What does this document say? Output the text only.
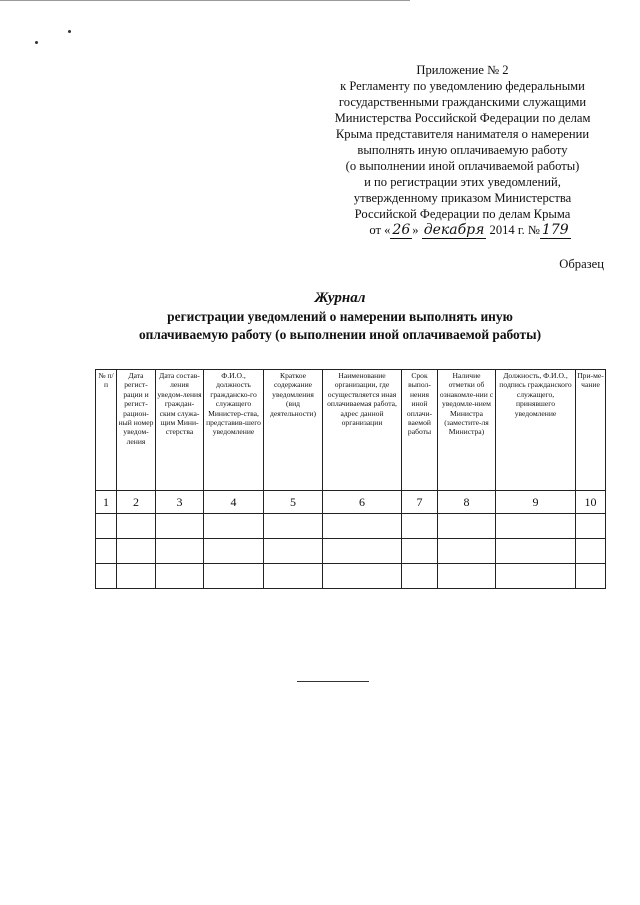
Приложение № 2
к Регламенту по уведомлению федеральными
государственными гражданскими служащими
Министерства Российской Федерации по делам
Крыма представителя нанимателя о намерении
выполнять иную оплачиваемую работу
(о выполнении иной оплачиваемой работы)
и по регистрации этих уведомлений,
утвержденному приказом Министерства
Российской Федерации по делам Крыма
от « 26 » декабря 2014 г. № 179
Образец
Журнал
регистрации уведомлений о намерении выполнять иную
оплачиваемую работу (о выполнении иной оплачиваемой работы)
№ п/п	Дата регист-рации и регист-рацион-ный номер уведом-ления	Дата состав-ления уведом-ления граждан-ским служа-щим Мини-стерства	Ф.И.О., должность гражданско-го служащего Министер-ства, представив-шего уведомление	Краткое содержание уведомления (вид деятельности)	Наименование организации, где осуществляется иная оплачиваемая работа, адрес данной организации	Срок выпол-нения иной оплачи-ваемой работы	Наличие отметки об ознакомле-нии с уведомле-нием Министра (заместите-ля Министра)	Должность, Ф.И.О., подпись гражданского служащего, принявшего уведомление	При-ме-чание
1	2	3	4	5	6	7	8	9	10
